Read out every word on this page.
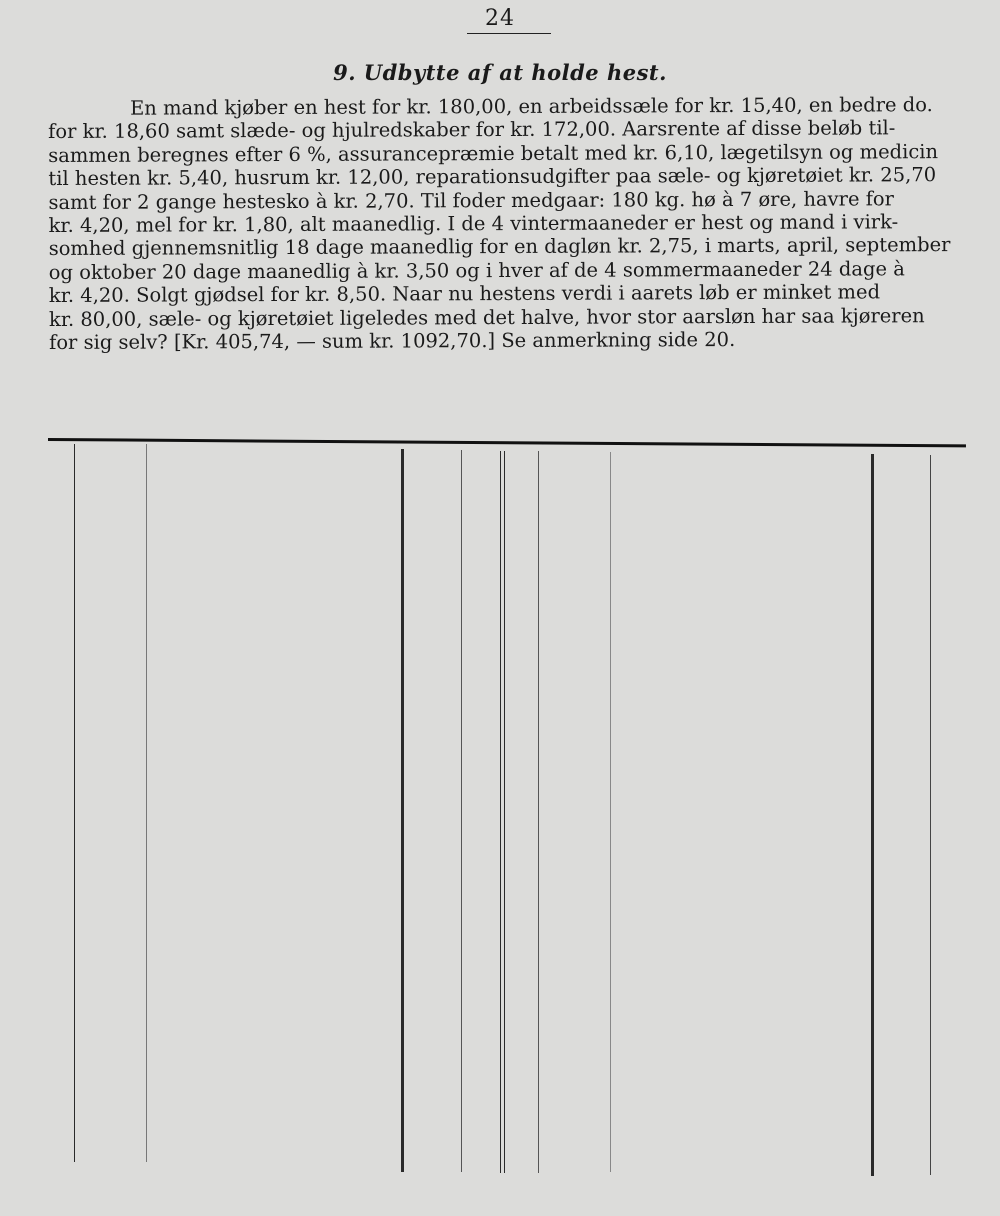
24
9. Udbytte af at holde hest.
En mand kjøber en hest for kr. 180,00, en arbeidssæle for kr. 15,40, en bedre do.
for kr. 18,60 samt slæde- og hjulredskaber for kr. 172,00. Aarsrente af disse beløb til-
sammen beregnes efter 6 %, assurancepræmie betalt med kr. 6,10, lægetilsyn og medicin
til hesten kr. 5,40, husrum kr. 12,00, reparationsudgifter paa sæle- og kjøretøiet kr. 25,70
samt for 2 gange hestesko à kr. 2,70. Til foder medgaar: 180 kg. hø à 7 øre, havre for
kr. 4,20, mel for kr. 1,80, alt maanedlig. I de 4 vintermaaneder er hest og mand i virk-
somhed gjennemsnitlig 18 dage maanedlig for en dagløn kr. 2,75, i marts, april, september
og oktober 20 dage maanedlig à kr. 3,50 og i hver af de 4 sommermaaneder 24 dage à
kr. 4,20. Solgt gjødsel for kr. 8,50. Naar nu hestens verdi i aarets løb er minket med
kr. 80,00, sæle- og kjøretøiet ligeledes med det halve, hvor stor aarsløn har saa kjøreren
for sig selv? [Kr. 405,74, — sum kr. 1092,70.] Se anmerkning side 20.
